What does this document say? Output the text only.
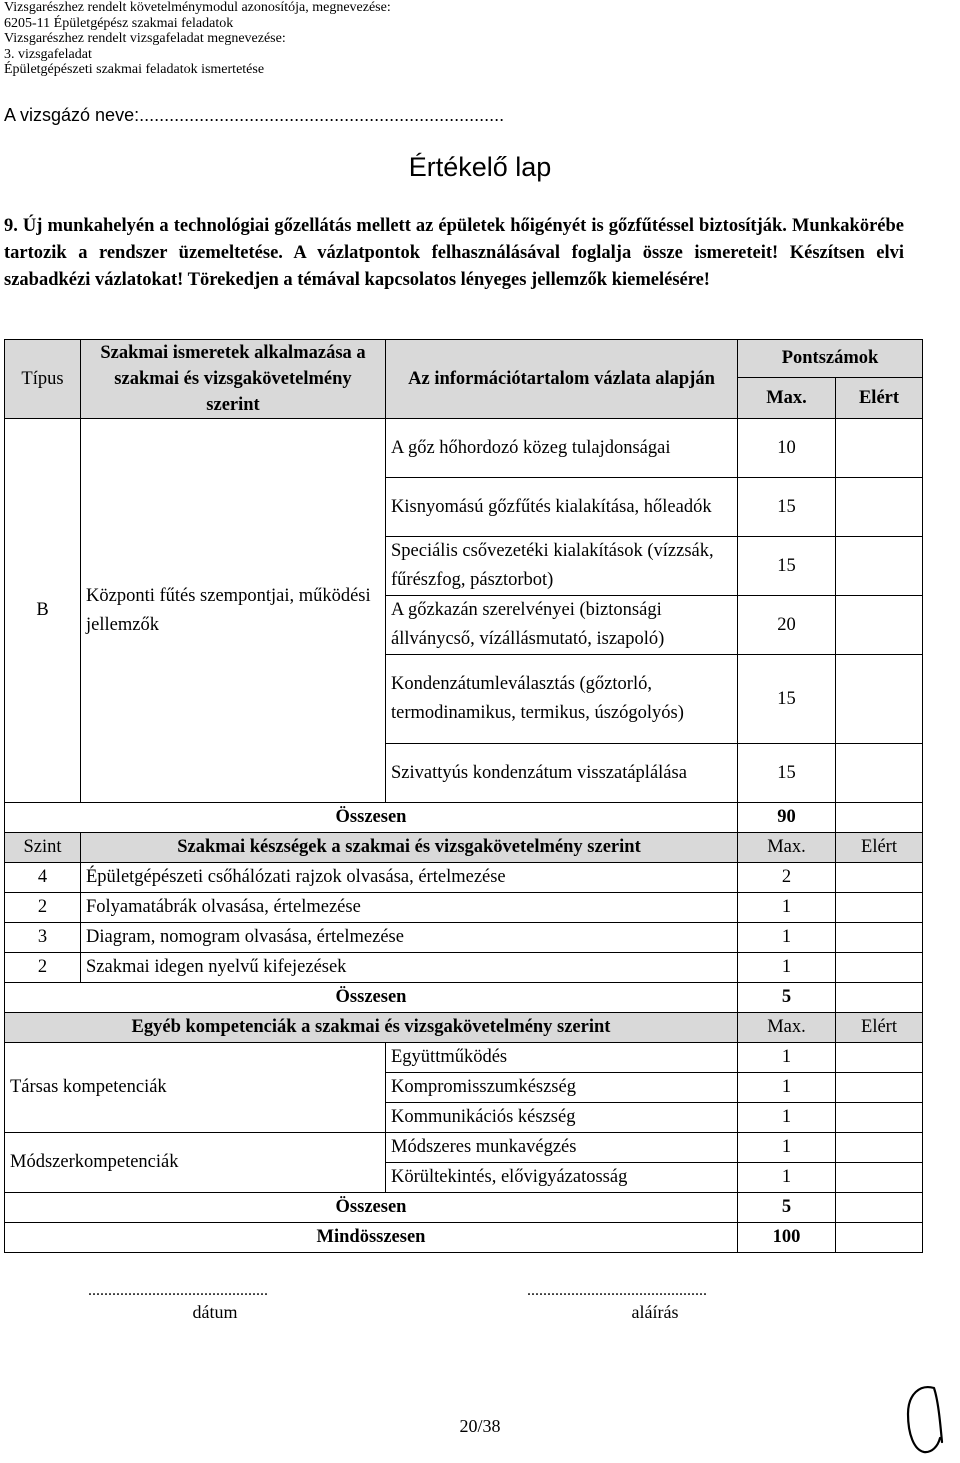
Vizsgarészhez rendelt követelménymodul azonosítója, megnevezése:
6205-11 Épületgépész szakmai feladatok
Vizsgarészhez rendelt vizsgafeladat megnevezése:
3. vizsgafeladat
Épületgépészeti szakmai feladatok ismertetése
A vizsgázó neve:.........................................................................
Értékelő lap
9. Új munkahelyén a technológiai gőzellátás mellett az épületek hőigényét is gőzfűtéssel biztosítják. Munkakörébe tartozik a rendszer üzemeltetése. A vázlatpontok felhasználásával foglalja össze ismereteit! Készítsen elvi szabadkézi vázlatokat! Törekedjen a témával kapcsolatos lényeges jellemzők kiemelésére!
Típus	Szakmai ismeretek alkalmazása a szakmai és vizsgakövetelmény szerint	Az információtartalom vázlata alapján	Pontszámok	
			Max.	Elért
B	Központi fűtés szempontjai, működési jellemzők	A gőz hőhordozó közeg tulajdonságai	10	
		Kisnyomású gőzfűtés kialakítása, hőleadók	15	
		Speciális csővezetéki kialakítások (vízzsák, fűrészfog, pásztorbot)	15	
		A gőzkazán szerelvényei (biztonsági állványcső, vízállásmutató, iszapoló)	20	
		Kondenzátumleválasztás (gőztorló, termodinamikus, termikus, úszógolyós)	15	
		Szivattyús kondenzátum visszatáplálása	15	
Összesen			90	
Szint	Szakmai készségek a szakmai és vizsgakövetelmény szerint		Max.	Elért
4	Épületgépészeti csőhálózati rajzok olvasása, értelmezése		2	
2	Folyamatábrák olvasása, értelmezése		1	
3	Diagram, nomogram olvasása, értelmezése		1	
2	Szakmai idegen nyelvű kifejezések		1	
Összesen			5	
Egyéb kompetenciák a szakmai és vizsgakövetelmény szerint			Max.	Elért
Társas kompetenciák		Együttműködés	1	
		Kompromisszumkészség	1	
		Kommunikációs készség	1	
Módszerkompetenciák		Módszeres munkavégzés	1	
		Körültekintés, elővigyázatosság	1	
Összesen			5	
Mindösszesen			100	
.............................................
dátum
.............................................
aláírás
20/38
